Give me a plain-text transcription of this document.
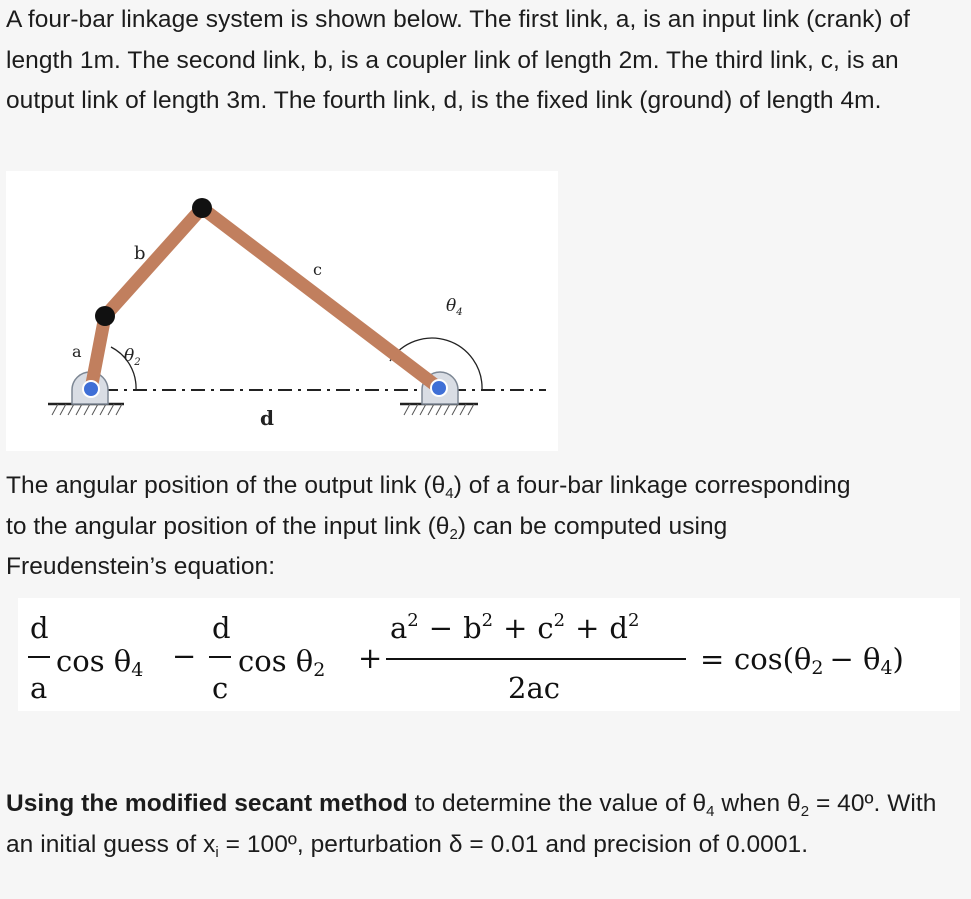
A four-bar linkage system is shown below. The first link, a, is an input link (crank) of length 1m. The second link, b, is a coupler link of length 2m. The third link, c, is an output link of length 3m. The fourth link, d, is the fixed link (ground) of length 4m.

a
b
c
d
$\theta_2$
$\theta_4$

The angular position of the output link $(\theta_4)$ of a four-bar linkage corresponding
to the angular position of the input link $(\theta_2)$ can be computed using
Freudenstein’s equation:

d
a
cos θ4 −
d
c
cos θ2 +
$a^2 - b^2 + c^2 + d^2$
2ac
= cos(θ2 − θ4)

Using the modified secant method to determine the value of $\theta_4$ when $\theta_2$ = 40º. With an initial guess of $x_i$ = 100º, perturbation δ = 0.01 and precision of 0.0001.
